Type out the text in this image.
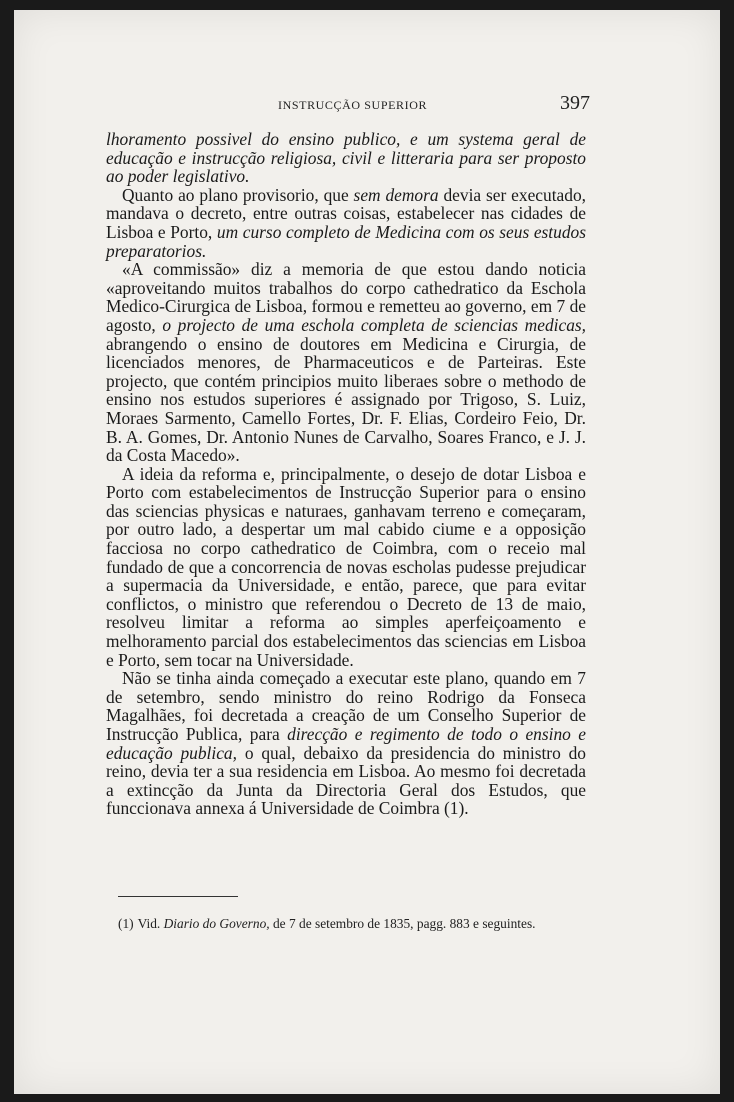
INSTRUCÇÃO SUPERIOR	397

lhoramento possivel do ensino publico, e um systema geral de educação e instrucção religiosa, civil e litteraria para ser proposto ao poder legislativo.

Quanto ao plano provisorio, que sem demora devia ser executado, mandava o decreto, entre outras coisas, estabelecer nas cidades de Lisboa e Porto, um curso completo de Medicina com os seus estudos preparatorios.

«A commissão» diz a memoria de que estou dando noticia «aproveitando muitos trabalhos do corpo cathedratico da Eschola Medico-Cirurgica de Lisboa, formou e remetteu ao governo, em 7 de agosto, o projecto de uma eschola completa de sciencias medicas, abrangendo o ensino de doutores em Medicina e Cirurgia, de licenciados menores, de Pharmaceuticos e de Parteiras. Este projecto, que contém principios muito liberaes sobre o methodo de ensino nos estudos superiores é assignado por Trigoso, S. Luiz, Moraes Sarmento, Camello Fortes, Dr. F. Elias, Cordeiro Feio, Dr. B. A. Gomes, Dr. Antonio Nunes de Carvalho, Soares Franco, e J. J. da Costa Macedo».

A ideia da reforma e, principalmente, o desejo de dotar Lisboa e Porto com estabelecimentos de Instrucção Superior para o ensino das sciencias physicas e naturaes, ganhavam terreno e começaram, por outro lado, a despertar um mal cabido ciume e a opposição facciosa no corpo cathedratico de Coimbra, com o receio mal fundado de que a concorrencia de novas escholas pudesse prejudicar a supermacia da Universidade, e então, parece, que para evitar conflictos, o ministro que referendou o Decreto de 13 de maio, resolveu limitar a reforma ao simples aperfeiçoamento e melhoramento parcial dos estabelecimentos das sciencias em Lisboa e Porto, sem tocar na Universidade.

Não se tinha ainda começado a executar este plano, quando em 7 de setembro, sendo ministro do reino Rodrigo da Fonseca Magalhães, foi decretada a creação de um Conselho Superior de Instrucção Publica, para direcção e regimento de todo o ensino e educação publica, o qual, debaixo da presidencia do ministro do reino, devia ter a sua residencia em Lisboa. Ao mesmo foi decretada a extincção da Junta da Directoria Geral dos Estudos, que funccionava annexa á Universidade de Coimbra (1).

(1) Vid. Diario do Governo, de 7 de setembro de 1835, pagg. 883 e seguintes.
